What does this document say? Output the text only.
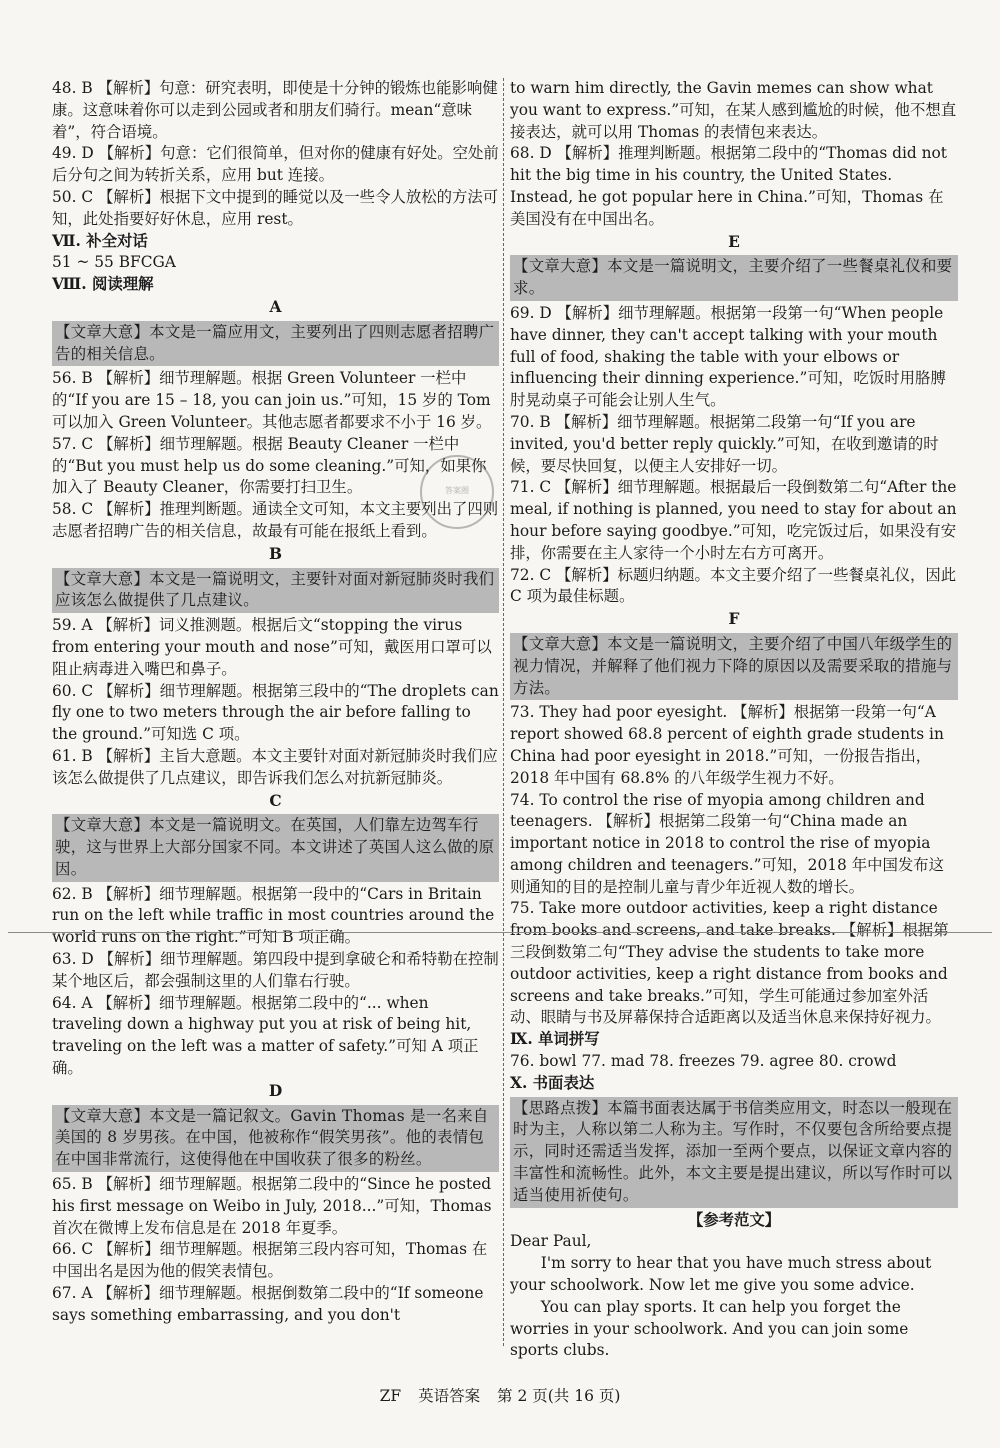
48. B 【解析】句意：研究表明，即使是十分钟的锻炼也能影响健康。这意味着你可以走到公园或者和朋友们骑行。mean“意味着”，符合语境。
49. D 【解析】句意：它们很简单，但对你的健康有好处。空处前后分句之间为转折关系，应用 but 连接。
50. C 【解析】根据下文中提到的睡觉以及一些令人放松的方法可知，此处指要好好休息，应用 rest。
Ⅶ. 补全对话
51 ~ 55 BFCGA
Ⅷ. 阅读理解
A
【文章大意】本文是一篇应用文，主要列出了四则志愿者招聘广告的相关信息。
56. B 【解析】细节理解题。根据 Green Volunteer 一栏中的“If you are 15 – 18, you can join us.”可知，15 岁的 Tom 可以加入 Green Volunteer。其他志愿者都要求不小于 16 岁。
57. C 【解析】细节理解题。根据 Beauty Cleaner 一栏中的“But you must help us do some cleaning.”可知，如果你加入了 Beauty Cleaner，你需要打扫卫生。
58. C 【解析】推理判断题。通读全文可知，本文主要列出了四则志愿者招聘广告的相关信息，故最有可能在报纸上看到。
B
【文章大意】本文是一篇说明文，主要针对面对新冠肺炎时我们应该怎么做提供了几点建议。
59. A 【解析】词义推测题。根据后文“stopping the virus from entering your mouth and nose”可知，戴医用口罩可以阻止病毒进入嘴巴和鼻子。
60. C 【解析】细节理解题。根据第三段中的“The droplets can fly one to two meters through the air before falling to the ground.”可知选 C 项。
61. B 【解析】主旨大意题。本文主要针对面对新冠肺炎时我们应该怎么做提供了几点建议，即告诉我们怎么对抗新冠肺炎。
C
【文章大意】本文是一篇说明文。在英国，人们靠左边驾车行驶，这与世界上大部分国家不同。本文讲述了英国人这么做的原因。
62. B 【解析】细节理解题。根据第一段中的“Cars in Britain run on the left while traffic in most countries around the world runs on the right.”可知 B 项正确。
63. D 【解析】细节理解题。第四段中提到拿破仑和希特勒在控制某个地区后，都会强制这里的人们靠右行驶。
64. A 【解析】细节理解题。根据第二段中的“... when traveling down a highway put you at risk of being hit, traveling on the left was a matter of safety.”可知 A 项正确。
D
【文章大意】本文是一篇记叙文。Gavin Thomas 是一名来自美国的 8 岁男孩。在中国，他被称作“假笑男孩”。他的表情包在中国非常流行，这使得他在中国收获了很多的粉丝。
65. B 【解析】细节理解题。根据第二段中的“Since he posted his first message on Weibo in July, 2018...”可知，Thomas 首次在微博上发布信息是在 2018 年夏季。
66. C 【解析】细节理解题。根据第三段内容可知，Thomas 在中国出名是因为他的假笑表情包。
67. A 【解析】细节理解题。根据倒数第二段中的“If someone says something embarrassing, and you don't
to warn him directly, the Gavin memes can show what you want to express.”可知，在某人感到尴尬的时候，他不想直接表达，就可以用 Thomas 的表情包来表达。
68. D 【解析】推理判断题。根据第二段中的“Thomas did not hit the big time in his country, the United States. Instead, he got popular here in China.”可知，Thomas 在美国没有在中国出名。
E
【文章大意】本文是一篇说明文，主要介绍了一些餐桌礼仪和要求。
69. D 【解析】细节理解题。根据第一段第一句“When people have dinner, they can't accept talking with your mouth full of food, shaking the table with your elbows or influencing their dinning experience.”可知，吃饭时用胳膊肘晃动桌子可能会让别人生气。
70. B 【解析】细节理解题。根据第二段第一句“If you are invited, you'd better reply quickly.”可知，在收到邀请的时候，要尽快回复，以便主人安排好一切。
71. C 【解析】细节理解题。根据最后一段倒数第二句“After the meal, if nothing is planned, you need to stay for about an hour before saying goodbye.”可知，吃完饭过后，如果没有安排，你需要在主人家待一个小时左右方可离开。
72. C 【解析】标题归纳题。本文主要介绍了一些餐桌礼仪，因此 C 项为最佳标题。
F
【文章大意】本文是一篇说明文，主要介绍了中国八年级学生的视力情况，并解释了他们视力下降的原因以及需要采取的措施与方法。
73. They had poor eyesight. 【解析】根据第一段第一句“A report showed 68.8 percent of eighth grade students in China had poor eyesight in 2018.”可知，一份报告指出，2018 年中国有 68.8% 的八年级学生视力不好。
74. To control the rise of myopia among children and teenagers. 【解析】根据第二段第一句“China made an important notice in 2018 to control the rise of myopia among children and teenagers.”可知，2018 年中国发布这则通知的目的是控制儿童与青少年近视人数的增长。
75. Take more outdoor activities, keep a right distance from books and screens, and take breaks. 【解析】根据第三段倒数第二句“They advise the students to take more outdoor activities, keep a right distance from books and screens and take breaks.”可知，学生可能通过参加室外活动、眼睛与书及屏幕保持合适距离以及适当休息来保持好视力。
Ⅸ. 单词拼写
76. bowl 77. mad 78. freezes 79. agree 80. crowd
Ⅹ. 书面表达
【思路点拨】本篇书面表达属于书信类应用文，时态以一般现在时为主，人称以第二人称为主。写作时，不仅要包含所给要点提示，同时还需适当发挥，添加一至两个要点，以保证文章内容的丰富性和流畅性。此外，本文主要是提出建议，所以写作时可以适当使用祈使句。
【参考范文】
Dear Paul,
I'm sorry to hear that you have much stress about your schoolwork. Now let me give you some advice.
You can play sports. It can help you forget the worries in your schoolwork. And you can join some sports clubs.
答案圈
ZF 英语答案 第 2 页(共 16 页)
